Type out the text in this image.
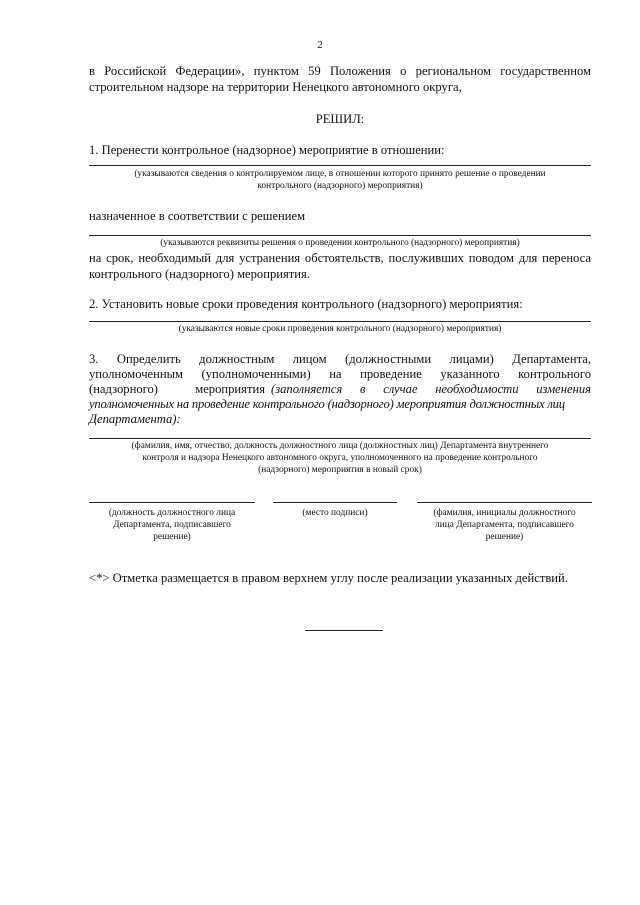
2
в Российской Федерации», пунктом 59 Положения о региональном государственном
строительном надзоре на территории Ненецкого автономного округа,
РЕШИЛ:
1. Перенести контрольное (надзорное) мероприятие в отношении:
(указываются сведения о контролируемом лице, в отношении которого принято решение о проведении
контрольного (надзорного) мероприятия)
назначенное в соответствии с решением
(указываются реквизиты решения о проведении контрольного (надзорного) мероприятия)
на срок, необходимый для устранения обстоятельств, послуживших поводом для переноса
контрольного (надзорного) мероприятия.
2. Установить новые сроки проведения контрольного (надзорного) мероприятия:
(указываются новые сроки проведения контрольного (надзорного) мероприятия)
3. Определить должностным лицом (должностными лицами) Департамента,
уполномоченным (уполномоченными) на проведение указанного контрольного
(надзорного) мероприятия (заполняется в случае необходимости изменения
уполномоченных на проведение контрольного (надзорного) мероприятия должностных лиц
Департамента):
(фамилия, имя, отчество, должность должностного лица (должностных лиц) Департамента внутреннего
контроля и надзора Ненецкого автономного округа, уполномоченного на проведение контрольного
(надзорного) мероприятия в новый срок)
(должность должностного лица
Департамента, подписавшего
решение)
(место подписи)	(фамилия, инициалы должностного
лица Департамента, подписавшего
решение)
<*> Отметка размещается в правом верхнем углу после реализации указанных действий.
